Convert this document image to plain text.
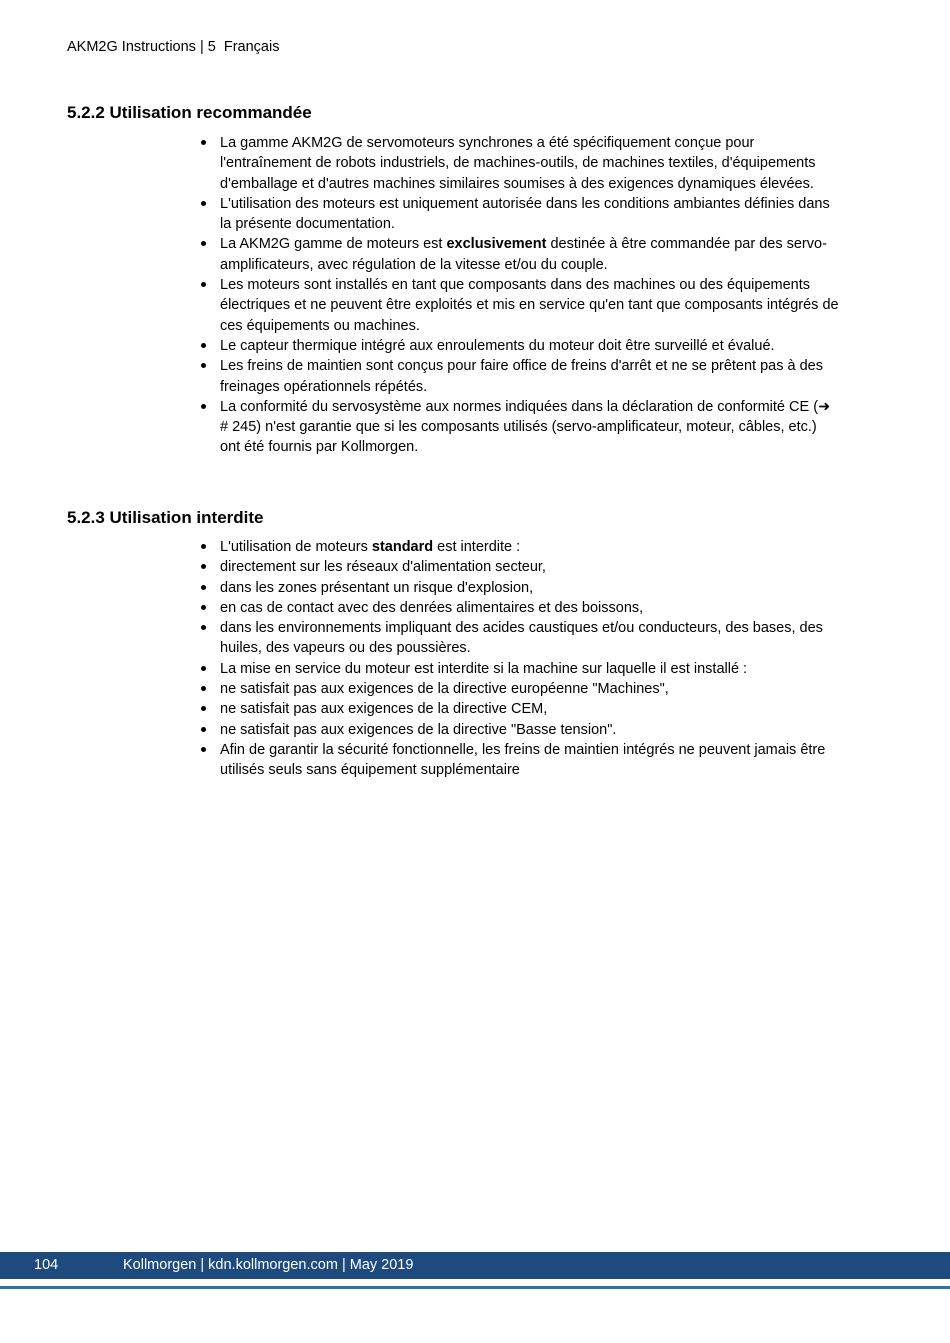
AKM2G Instructions | 5 Français
5.2.2 Utilisation recommandée
La gamme AKM2G de servomoteurs synchrones a été spécifiquement conçue pour l'entraînement de robots industriels, de machines-outils, de machines textiles, d'équipements d'emballage et d'autres machines similaires soumises à des exigences dynamiques élevées.
L'utilisation des moteurs est uniquement autorisée dans les conditions ambiantes définies dans la présente documentation.
La AKM2G gamme de moteurs est exclusivement destinée à être commandée par des servo-amplificateurs, avec régulation de la vitesse et/ou du couple.
Les moteurs sont installés en tant que composants dans des machines ou des équipements électriques et ne peuvent être exploités et mis en service qu'en tant que composants intégrés de ces équipements ou machines.
Le capteur thermique intégré aux enroulements du moteur doit être surveillé et évalué.
Les freins de maintien sont conçus pour faire office de freins d'arrêt et ne se prêtent pas à des freinages opérationnels répétés.
La conformité du servosystème aux normes indiquées dans la déclaration de conformité CE (➜ # 245) n'est garantie que si les composants utilisés (servo-amplificateur, moteur, câbles, etc.) ont été fournis par Kollmorgen.
5.2.3 Utilisation interdite
L'utilisation de moteurs standard est interdite :
directement sur les réseaux d'alimentation secteur,
dans les zones présentant un risque d'explosion,
en cas de contact avec des denrées alimentaires et des boissons,
dans les environnements impliquant des acides caustiques et/ou conducteurs, des bases, des huiles, des vapeurs ou des poussières.
La mise en service du moteur est interdite si la machine sur laquelle il est installé :
ne satisfait pas aux exigences de la directive européenne "Machines",
ne satisfait pas aux exigences de la directive CEM,
ne satisfait pas aux exigences de la directive "Basse tension".
Afin de garantir la sécurité fonctionnelle, les freins de maintien intégrés ne peuvent jamais être utilisés seuls sans équipement supplémentaire
104	Kollmorgen | kdn.kollmorgen.com | May 2019
